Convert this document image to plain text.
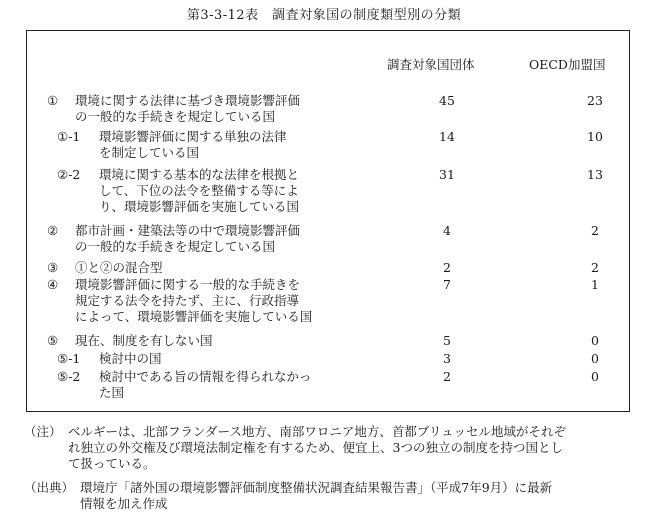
第3-3-12表　調査対象国の制度類型別の分類
調査対象国団体	OECD加盟国
① 環境に関する法律に基づき環境影響評価
の一般的な手続きを規定している国
45	23
①-1 環境影響評価に関する単独の法律
を制定している国
14	10
②-2 環境に関する基本的な法律を根拠と
して、下位の法令を整備する等によ
り、環境影響評価を実施している国
31	13
② 都市計画・建築法等の中で環境影響評価
の一般的な手続きを規定している国
4	2
③ ①と②の混合型	2	2
④ 環境影響評価に関する一般的な手続きを
規定する法令を持たず、主に、行政指導
によって、環境影響評価を実施している国
7	1
⑤ 現在、制度を有しない国	5	0
⑤-1 検討中の国	3	0
⑤-2 検討中である旨の情報を得られなかっ
た国
2	0
（注） ベルギーは、北部フランダース地方、南部ワロニア地方、首都ブリュッセル地域がそれぞ
れ独立の外交権及び環境法制定権を有するため、便宜上、3つの独立の制度を持つ国とし
て扱っている。
（出典） 環境庁「諸外国の環境影響評価制度整備状況調査結果報告書」（平成7年9月）に最新
情報を加え作成
